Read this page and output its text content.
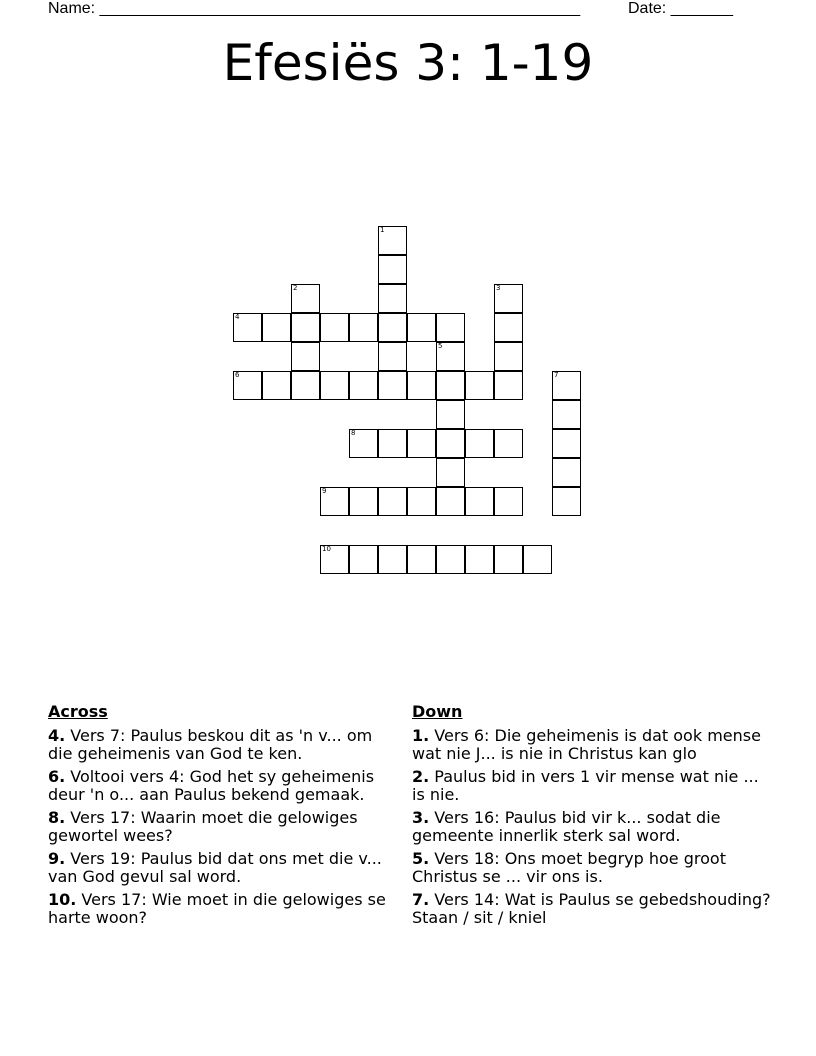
Name: ______________________________________________________	Date: _______
Efesiës 3: 1-19
1
2	3
4
5
6	7
8
9
10
Across
4. Vers 7: Paulus beskou dit as 'n v... om die geheimenis van God te ken.
6. Voltooi vers 4: God het sy geheimenis deur 'n o... aan Paulus bekend gemaak.
8. Vers 17: Waarin moet die gelowiges gewortel wees?
9. Vers 19: Paulus bid dat ons met die v... van God gevul sal word.
10. Vers 17: Wie moet in die gelowiges se harte woon?
Down
1. Vers 6: Die geheimenis is dat ook mense wat nie J... is nie in Christus kan glo
2. Paulus bid in vers 1 vir mense wat nie ... is nie.
3. Vers 16: Paulus bid vir k... sodat die gemeente innerlik sterk sal word.
5. Vers 18: Ons moet begryp hoe groot Christus se ... vir ons is.
7. Vers 14: Wat is Paulus se gebedshouding? Staan / sit / kniel
